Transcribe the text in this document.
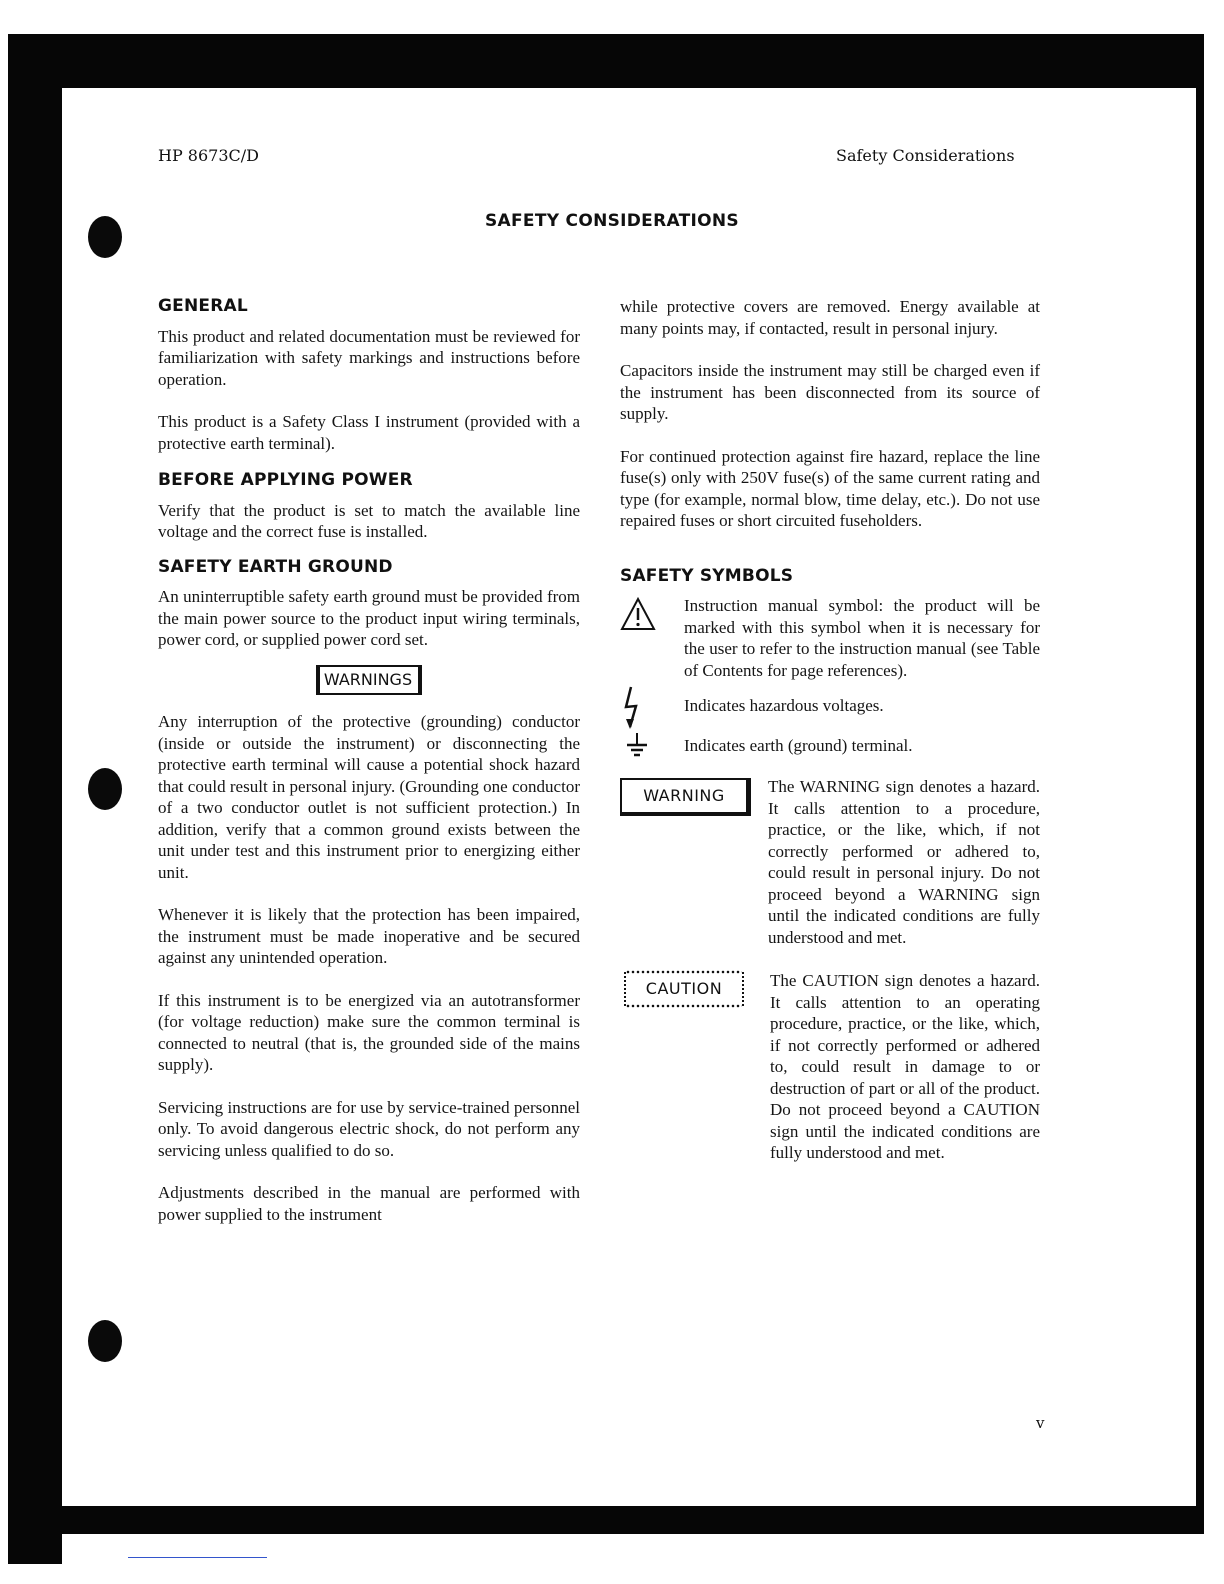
HP 8673C/D	Safety Considerations
SAFETY CONSIDERATIONS
GENERAL

This product and related documentation must be reviewed for familiarization with safety markings and instructions before operation.

This product is a Safety Class I instrument (provided with a protective earth terminal).

BEFORE APPLYING POWER

Verify that the product is set to match the available line voltage and the correct fuse is installed.

SAFETY EARTH GROUND

An uninterruptible safety earth ground must be provided from the main power source to the product input wiring terminals, power cord, or supplied power cord set.

WARNINGS

Any interruption of the protective (grounding) conductor (inside or outside the instrument) or disconnecting the protective earth terminal will cause a potential shock hazard that could result in personal injury. (Grounding one conductor of a two conductor outlet is not sufficient protection.) In addition, verify that a common ground exists between the unit under test and this instrument prior to energizing either unit.

Whenever it is likely that the protection has been impaired, the instrument must be made inoperative and be secured against any unintended operation.

If this instrument is to be energized via an autotransformer (for voltage reduction) make sure the common terminal is connected to neutral (that is, the grounded side of the mains supply).

Servicing instructions are for use by service-trained personnel only. To avoid dangerous electric shock, do not perform any servicing unless qualified to do so.

Adjustments described in the manual are performed with power supplied to the instrument

while protective covers are removed. Energy available at many points may, if contacted, result in personal injury.

Capacitors inside the instrument may still be charged even if the instrument has been disconnected from its source of supply.

For continued protection against fire hazard, replace the line fuse(s) only with 250V fuse(s) of the same current rating and type (for example, normal blow, time delay, etc.). Do not use repaired fuses or short circuited fuseholders.

SAFETY SYMBOLS
Instruction manual symbol: the product will be marked with this symbol when it is necessary for the user to refer to the instruction manual (see Table of Contents for page references).
Indicates hazardous voltages.
Indicates earth (ground) terminal.
WARNING	The WARNING sign denotes a hazard. It calls attention to a procedure, practice, or the like, which, if not correctly performed or adhered to, could result in personal injury. Do not proceed beyond a WARNING sign until the indicated conditions are fully understood and met.
CAUTION	The CAUTION sign denotes a hazard. It calls attention to an operating procedure, practice, or the like, which, if not correctly performed or adhered to, could result in damage to or destruction of part or all of the product. Do not proceed beyond a CAUTION sign until the indicated conditions are fully understood and met.
v
